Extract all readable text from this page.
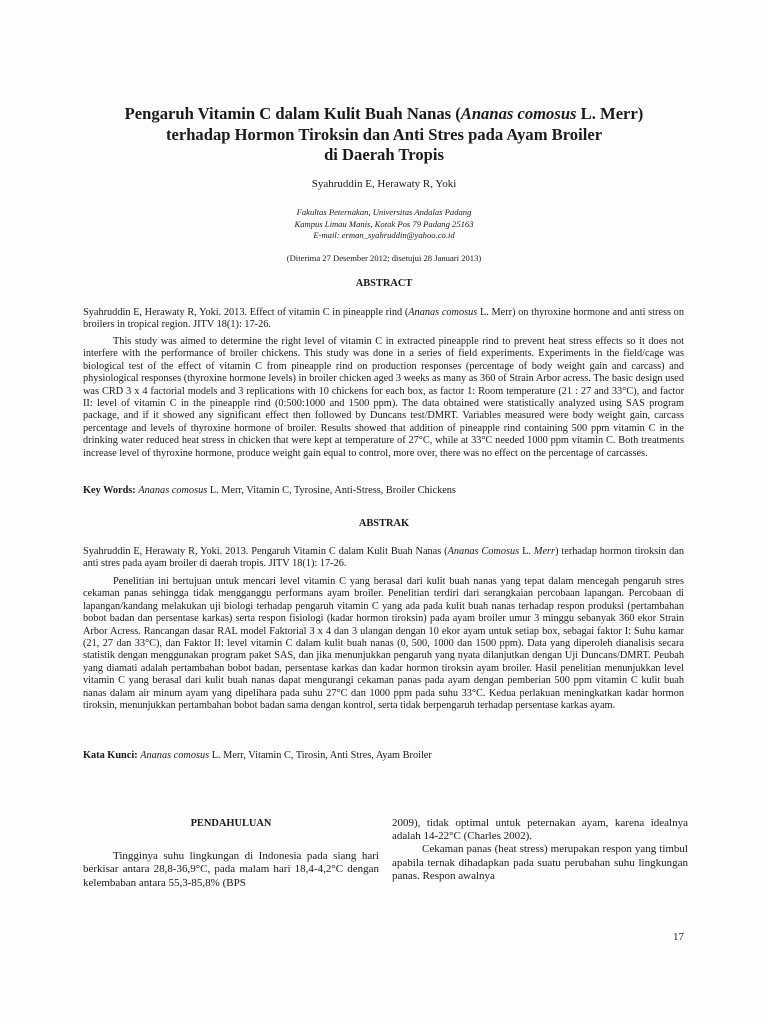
Pengaruh Vitamin C dalam Kulit Buah Nanas (Ananas comosus L. Merr)
terhadap Hormon Tiroksin dan Anti Stres pada Ayam Broiler
di Daerah Tropis

Syahruddin E, Herawaty R, Yoki

Fakultas Peternakan, Universitas Andalas Padang
Kampus Limau Manis, Kotak Pos 79 Padang 25163
E-mail: erman_syahruddin@yahoo.co.id

(Diterima 27 Desember 2012; disetujui 28 Januari 2013)

ABSTRACT

Syahruddin E, Herawaty R, Yoki. 2013. Effect of vitamin C in pineapple rind (Ananas comosus L. Merr) on thyroxine hormone and anti stress on broilers in tropical region. JITV 18(1): 17-26.

This study was aimed to determine the right level of vitamin C in extracted pineapple rind to prevent heat stress effects so it does not interfere with the performance of broiler chickens. This study was done in a series of field experiments. Experiments in the field/cage was biological test of the effect of vitamin C from pineapple rind on production responses (percentage of body weight gain and carcass) and physiological responses (thyroxine hormone levels) in broiler chicken aged 3 weeks as many as 360 of Strain Arbor acress. The basic design used was CRD 3 x 4 factorial models and 3 replications with 10 chickens for each box, as factor 1: Room temperature (21 : 27 and 33°C), and factor II: level of vitamin C in the pineapple rind (0:500:1000 and 1500 ppm). The data obtained were statistically analyzed using SAS program package, and if it showed any significant effect then followed by Duncans test/DMRT. Variables measured were body weight gain, carcass percentage and levels of thyroxine hormone of broiler. Results showed that addition of pineapple rind containing 500 ppm vitamin C in the drinking water reduced heat stress in chicken that were kept at temperature of 27°C, while at 33°C needed 1000 ppm vitamin C. Both treatments increase level of thyroxine hormone, produce weight gain equal to control, more over, there was no effect on the percentage of carcasses.

Key Words: Ananas comosus L. Merr, Vitamin C, Tyrosine, Anti-Stress, Broiler Chickens

ABSTRAK

Syahruddin E, Herawaty R, Yoki. 2013. Pengaruh Vitamin C dalam Kulit Buah Nanas (Ananas Comosus L. Merr) terhadap hormon tiroksin dan anti stres pada ayam broiler di daerah tropis. JITV 18(1): 17-26.

Penelitian ini bertujuan untuk mencari level vitamin C yang berasal dari kulit buah nanas yang tepat dalam mencegah pengaruh stres cekaman panas sehingga tidak mengganggu performans ayam broiler. Penelitian terdiri dari serangkaian percobaan lapangan. Percobaan di lapangan/kandang melakukan uji biologi terhadap pengaruh vitamin C yang ada pada kulit buah nanas terhadap respon produksi (pertambahan bobot badan dan persentase karkas) serta respon fisiologi (kadar hormon tiroksin) pada ayam broiler umur 3 minggu sebanyak 360 ekor Strain Arbor Acress. Rancangan dasar RAL model Faktorial 3 x 4 dan 3 ulangan dengan 10 ekor ayam untuk setiap box, sebagai faktor I: Suhu kamar (21, 27 dan 33°C), dan Faktor II: level vitamin C dalam kulit buah nanas (0, 500, 1000 dan 1500 ppm). Data yang diperoleh dianalisis secara statistik dengan menggunakan program paket SAS, dan jika menunjukkan pengaruh yang nyata dilanjutkan dengan Uji Duncans/DMRT. Peubah yang diamati adalah pertambahan bobot badan, persentase karkas dan kadar hormon tiroksin ayam broiler. Hasil penelitian menunjukkan level vitamin C yang berasal dari kulit buah nanas dapat mengurangi cekaman panas pada ayam dengan pemberian 500 ppm vitamin C kulit buah nanas dalam air minum ayam yang dipelihara pada suhu 27°C dan 1000 ppm pada suhu 33°C. Kedua perlakuan meningkatkan kadar hormon tiroksin, menunjukkan pertambahan bobot badan sama dengan kontrol, serta tidak berpengaruh terhadap persentase karkas ayam.

Kata Kunci: Ananas comosus L. Merr, Vitamin C, Tirosin, Anti Stres, Ayam Broiler

PENDAHULUAN

Tingginya suhu lingkungan di Indonesia pada siang hari berkisar antara 28,8-36,9°C, pada malam hari 18,4-4,2°C dengan kelembaban antara 55,3-85,8% (BPS

2009), tidak optimal untuk peternakan ayam, karena idealnya adalah 14-22°C (Charles 2002).

Cekaman panas (heat stress) merupakan respon yang timbul apabila ternak dihadapkan pada suatu perubahan suhu lingkungan panas. Respon awalnya

17
